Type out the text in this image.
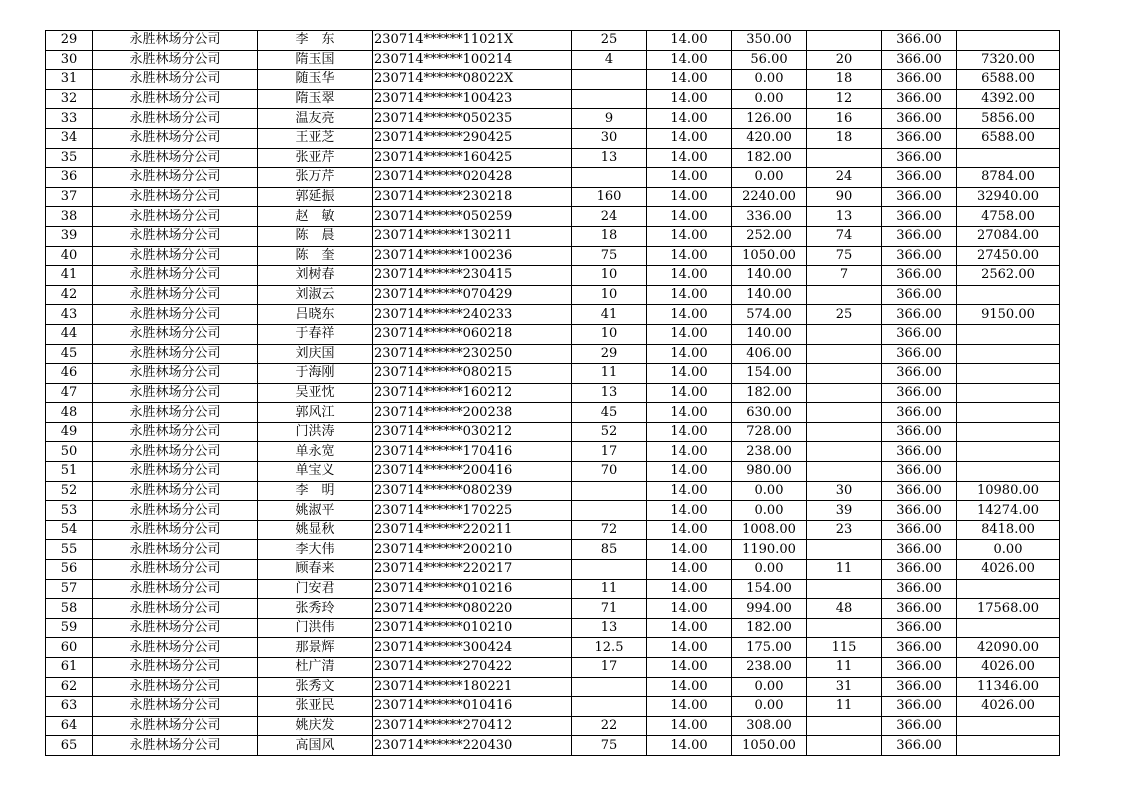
29	永胜林场分公司	李　东	230714******11021X	25	14.00	350.00		366.00	
30	永胜林场分公司	隋玉国	230714******100214	4	14.00	56.00	20	366.00	7320.00
31	永胜林场分公司	随玉华	230714******08022X		14.00	0.00	18	366.00	6588.00
32	永胜林场分公司	隋玉翠	230714******100423		14.00	0.00	12	366.00	4392.00
33	永胜林场分公司	温友亮	230714******050235	9	14.00	126.00	16	366.00	5856.00
34	永胜林场分公司	王亚芝	230714******290425	30	14.00	420.00	18	366.00	6588.00
35	永胜林场分公司	张亚芹	230714******160425	13	14.00	182.00		366.00	
36	永胜林场分公司	张万芹	230714******020428		14.00	0.00	24	366.00	8784.00
37	永胜林场分公司	郭延振	230714******230218	160	14.00	2240.00	90	366.00	32940.00
38	永胜林场分公司	赵　敏	230714******050259	24	14.00	336.00	13	366.00	4758.00
39	永胜林场分公司	陈　晨	230714******130211	18	14.00	252.00	74	366.00	27084.00
40	永胜林场分公司	陈　奎	230714******100236	75	14.00	1050.00	75	366.00	27450.00
41	永胜林场分公司	刘树春	230714******230415	10	14.00	140.00	7	366.00	2562.00
42	永胜林场分公司	刘淑云	230714******070429	10	14.00	140.00		366.00	
43	永胜林场分公司	吕晓东	230714******240233	41	14.00	574.00	25	366.00	9150.00
44	永胜林场分公司	于春祥	230714******060218	10	14.00	140.00		366.00	
45	永胜林场分公司	刘庆国	230714******230250	29	14.00	406.00		366.00	
46	永胜林场分公司	于海刚	230714******080215	11	14.00	154.00		366.00	
47	永胜林场分公司	吴亚忱	230714******160212	13	14.00	182.00		366.00	
48	永胜林场分公司	郭风江	230714******200238	45	14.00	630.00		366.00	
49	永胜林场分公司	门洪涛	230714******030212	52	14.00	728.00		366.00	
50	永胜林场分公司	单永宽	230714******170416	17	14.00	238.00		366.00	
51	永胜林场分公司	单宝义	230714******200416	70	14.00	980.00		366.00	
52	永胜林场分公司	李　明	230714******080239		14.00	0.00	30	366.00	10980.00
53	永胜林场分公司	姚淑平	230714******170225		14.00	0.00	39	366.00	14274.00
54	永胜林场分公司	姚显秋	230714******220211	72	14.00	1008.00	23	366.00	8418.00
55	永胜林场分公司	李大伟	230714******200210	85	14.00	1190.00		366.00	0.00
56	永胜林场分公司	顾春来	230714******220217		14.00	0.00	11	366.00	4026.00
57	永胜林场分公司	门安君	230714******010216	11	14.00	154.00		366.00	
58	永胜林场分公司	张秀玲	230714******080220	71	14.00	994.00	48	366.00	17568.00
59	永胜林场分公司	门洪伟	230714******010210	13	14.00	182.00		366.00	
60	永胜林场分公司	那景辉	230714******300424	12.5	14.00	175.00	115	366.00	42090.00
61	永胜林场分公司	杜广清	230714******270422	17	14.00	238.00	11	366.00	4026.00
62	永胜林场分公司	张秀文	230714******180221		14.00	0.00	31	366.00	11346.00
63	永胜林场分公司	张亚民	230714******010416		14.00	0.00	11	366.00	4026.00
64	永胜林场分公司	姚庆发	230714******270412	22	14.00	308.00		366.00	
65	永胜林场分公司	高国风	230714******220430	75	14.00	1050.00		366.00	
